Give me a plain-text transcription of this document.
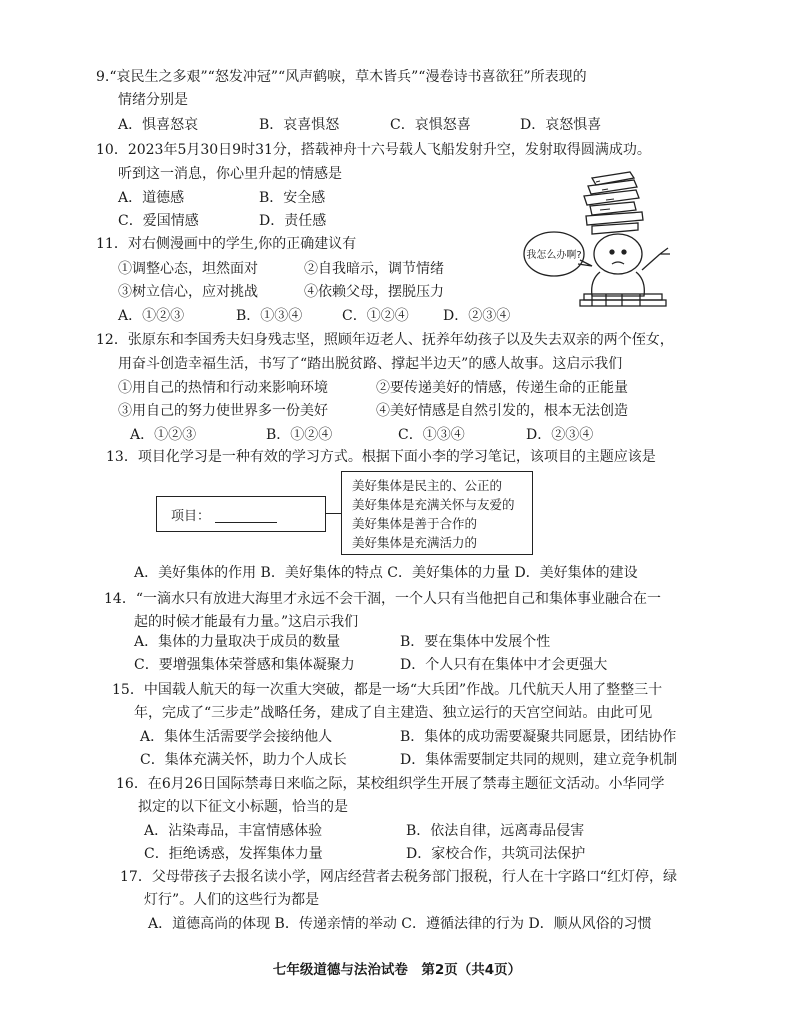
9.“哀民生之多艰”“怒发冲冠”“风声鹤唳，草木皆兵”“漫卷诗书喜欲狂”所表现的
情绪分别是
A．惧喜怒哀	B．哀喜惧怒	C．哀惧怒喜	D．哀怒惧喜
10．2023年5月30日9时31分，搭载神舟十六号载人飞船发射升空，发射取得圆满成功。
听到这一消息，你心里升起的情感是
A．道德感	B．安全感
C．爱国情感	D．责任感
11．对右侧漫画中的学生,你的正确建议有
①调整心态，坦然面对	②自我暗示，调节情绪
③树立信心，应对挑战	④依赖父母，摆脱压力
A．①②③	B．①③④	C．①②④ D．②③④
我怎么办啊?
12．张原东和李国秀夫妇身残志坚，照顾年迈老人、抚养年幼孩子以及失去双亲的两个侄女，
用奋斗创造幸福生活，书写了“踏出脱贫路、撑起半边天”的感人故事。这启示我们
①用自己的热情和行动来影响环境	②要传递美好的情感，传递生命的正能量
③用自己的努力使世界多一份美好	④美好情感是自然引发的，根本无法创造
A．①②③	B．①②④	C．①③④	D．②③④
13．项目化学习是一种有效的学习方式。根据下面小李的学习笔记，该项目的主题应该是
项目：
美好集体是民主的、公正的
美好集体是充满关怀与友爱的
美好集体是善于合作的
美好集体是充满活力的
A．美好集体的作用 B．美好集体的特点 C．美好集体的力量 D．美好集体的建设
14．“一滴水只有放进大海里才永远不会干涸，一个人只有当他把自己和集体事业融合在一
起的时候才能最有力量。”这启示我们
A．集体的力量取决于成员的数量	B．要在集体中发展个性
C．要增强集体荣誉感和集体凝聚力	D．个人只有在集体中才会更强大
15．中国载人航天的每一次重大突破，都是一场“大兵团”作战。几代航天人用了整整三十
年，完成了“三步走”战略任务，建成了自主建造、独立运行的天宫空间站。由此可见
A．集体生活需要学会接纳他人	B．集体的成功需要凝聚共同愿景，团结协作
C．集体充满关怀，助力个人成长	D．集体需要制定共同的规则，建立竞争机制
16．在6月26日国际禁毒日来临之际，某校组织学生开展了禁毒主题征文活动。小华同学
拟定的以下征文小标题，恰当的是
A．沾染毒品，丰富情感体验	B．依法自律，远离毒品侵害
C．拒绝诱惑，发挥集体力量	D．家校合作，共筑司法保护
17．父母带孩子去报名读小学，网店经营者去税务部门报税，行人在十字路口“红灯停，绿
灯行”。人们的这些行为都是
A．道德高尚的体现 B．传递亲情的举动 C．遵循法律的行为 D．顺从风俗的习惯
七年级道德与法治试卷　第2页（共4页）
